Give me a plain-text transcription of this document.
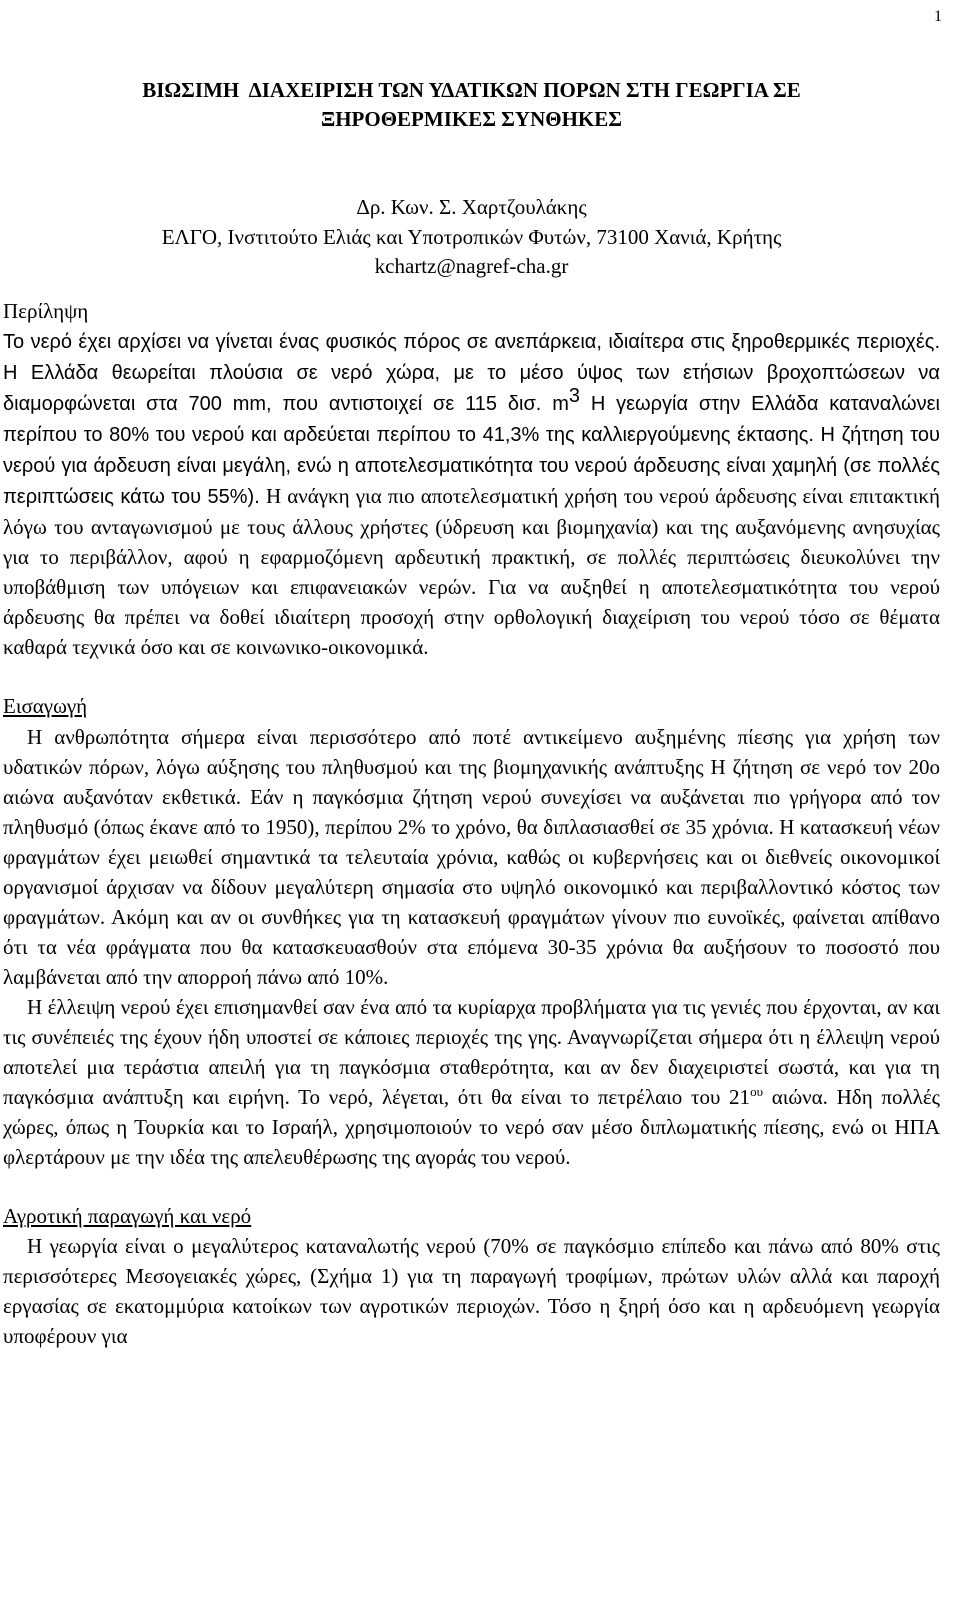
1
ΒΙΩΣΙΜΗ  ΔΙΑΧΕΙΡΙΣΗ ΤΩΝ ΥΔΑΤΙΚΩΝ ΠΟΡΩΝ ΣΤΗ ΓΕΩΡΓΙΑ ΣΕ
ΞΗΡΟΘΕΡΜΙΚΕΣ ΣΥΝΘΗΚΕΣ
Δρ. Κων. Σ. Χαρτζουλάκης
ΕΛΓΟ, Ινστιτούτο Ελιάς και Υποτροπικών Φυτών, 73100 Χανιά, Κρήτης
kchartz@nagref-cha.gr
Περίληψη

Το νερό έχει αρχίσει να γίνεται ένας φυσικός πόρος σε ανεπάρκεια, ιδιαίτερα στις ξηροθερμικές περιοχές. Η Ελλάδα θεωρείται πλούσια σε νερό χώρα, με το μέσο ύψος των ετήσιων βροχοπτώσεων να διαμορφώνεται στα 700 mm, που αντιστοιχεί σε 115 δισ. $m^3$ Η γεωργία στην Ελλάδα καταναλώνει περίπου το 80% του νερού και αρδεύεται περίπου το 41,3% της καλλιεργούμενης έκτασης. Η ζήτηση του νερού για άρδευση είναι μεγάλη, ενώ η αποτελεσματικότητα του νερού άρδευσης είναι χαμηλή (σε πολλές περιπτώσεις κάτω του 55%). Η ανάγκη για πιο αποτελεσματική χρήση του νερού άρδευσης είναι επιτακτική λόγω του ανταγωνισμού με τους άλλους χρήστες (ύδρευση και βιομηχανία) και της αυξανόμενης ανησυχίας για το περιβάλλον, αφού η εφαρμοζόμενη αρδευτική πρακτική, σε πολλές περιπτώσεις διευκολύνει την υποβάθμιση των υπόγειων και επιφανειακών νερών. Για να αυξηθεί η αποτελεσματικότητα του νερού άρδευσης θα πρέπει να δοθεί ιδιαίτερη προσοχή στην ορθολογική διαχείριση του νερού τόσο σε θέματα καθαρά τεχνικά όσο και σε κοινωνικο-οικονομικά.

Εισαγωγή

Η ανθρωπότητα σήμερα είναι περισσότερο από ποτέ αντικείμενο αυξημένης πίεσης για χρήση των υδατικών πόρων, λόγω αύξησης του πληθυσμού και της βιομηχανικής ανάπτυξης Η ζήτηση σε νερό τον 20ο αιώνα αυξανόταν εκθετικά. Εάν η παγκόσμια ζήτηση νερού συνεχίσει να αυξάνεται πιο γρήγορα από τον πληθυσμό (όπως έκανε από το 1950), περίπου 2% το χρόνο, θα διπλασιασθεί σε 35 χρόνια. Η κατασκευή νέων φραγμάτων έχει μειωθεί σημαντικά τα τελευταία χρόνια, καθώς οι κυβερνήσεις και οι διεθνείς οικονομικοί οργανισμοί άρχισαν να δίδουν μεγαλύτερη σημασία στο υψηλό οικονομικό και περιβαλλοντικό κόστος των φραγμάτων. Ακόμη και αν οι συνθήκες για τη κατασκευή φραγμάτων γίνουν πιο ευνοϊκές, φαίνεται απίθανο ότι τα νέα φράγματα που θα κατασκευασθούν στα επόμενα 30-35 χρόνια θα αυξήσουν το ποσοστό που λαμβάνεται από την απορροή πάνω από 10%.

Η έλλειψη νερού έχει επισημανθεί σαν ένα από τα κυρίαρχα προβλήματα για τις γενιές που έρχονται, αν και τις συνέπειές της έχουν ήδη υποστεί σε κάποιες περιοχές της γης. Αναγνωρίζεται σήμερα ότι η έλλειψη νερού αποτελεί μια τεράστια απειλή για τη παγκόσμια σταθερότητα, και αν δεν διαχειριστεί σωστά, και για τη παγκόσμια ανάπτυξη και ειρήνη. Το νερό, λέγεται, ότι θα είναι το πετρέλαιο του $21^{o\upsilon}$ αιώνα. Ηδη πολλές χώρες, όπως η Τουρκία και το Ισραήλ, χρησιμοποιούν το νερό σαν μέσο διπλωματικής πίεσης, ενώ οι ΗΠΑ φλερτάρουν με την ιδέα της απελευθέρωσης της αγοράς του νερού.

Αγροτική παραγωγή και νερό

Η γεωργία είναι ο μεγαλύτερος καταναλωτής νερού (70% σε παγκόσμιο επίπεδο και πάνω από 80% στις περισσότερες Μεσογειακές χώρες, (Σχήμα 1) για τη παραγωγή τροφίμων, πρώτων υλών αλλά και παροχή εργασίας σε εκατομμύρια κατοίκων των αγροτικών περιοχών. Τόσο η ξηρή όσο και η αρδευόμενη γεωργία υποφέρουν για
